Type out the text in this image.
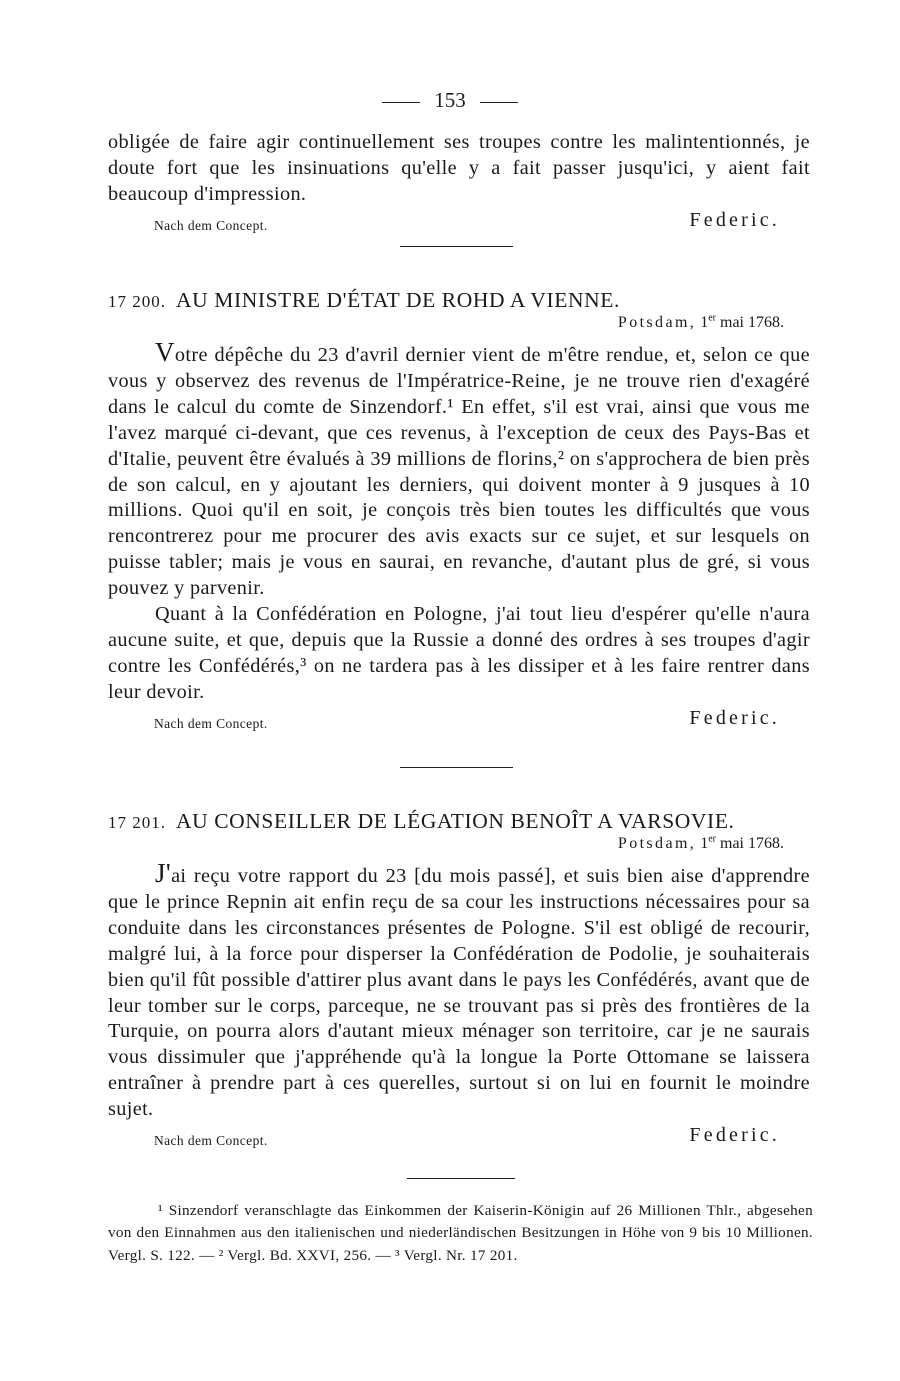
153

obligée de faire agir continuellement ses troupes contre les malintentionnés, je doute fort que les insinuations qu'elle y a fait passer jusqu'ici, y aient fait beaucoup d'impression.

Nach dem Concept.	Federic.
17 200. AU MINISTRE D'ÉTAT DE ROHD A VIENNE.
Potsdam, 1er mai 1768.

Votre dépêche du 23 d'avril dernier vient de m'être rendue, et, selon ce que vous y observez des revenus de l'Impératrice-Reine, je ne trouve rien d'exagéré dans le calcul du comte de Sinzendorf.¹ En effet, s'il est vrai, ainsi que vous me l'avez marqué ci-devant, que ces revenus, à l'exception de ceux des Pays-Bas et d'Italie, peuvent être évalués à 39 millions de florins,² on s'approchera de bien près de son calcul, en y ajoutant les derniers, qui doivent monter à 9 jusques à 10 millions. Quoi qu'il en soit, je conçois très bien toutes les difficultés que vous rencontrerez pour me procurer des avis exacts sur ce sujet, et sur lesquels on puisse tabler; mais je vous en saurai, en revanche, d'autant plus de gré, si vous pouvez y parvenir.

Quant à la Confédération en Pologne, j'ai tout lieu d'espérer qu'elle n'aura aucune suite, et que, depuis que la Russie a donné des ordres à ses troupes d'agir contre les Confédérés,³ on ne tardera pas à les dissiper et à les faire rentrer dans leur devoir.

Nach dem Concept.	Federic.
17 201. AU CONSEILLER DE LÉGATION BENOÎT A VARSOVIE.
Potsdam, 1er mai 1768.

J'ai reçu votre rapport du 23 [du mois passé], et suis bien aise d'apprendre que le prince Repnin ait enfin reçu de sa cour les instructions nécessaires pour sa conduite dans les circonstances présentes de Pologne. S'il est obligé de recourir, malgré lui, à la force pour disperser la Confédération de Podolie, je souhaiterais bien qu'il fût possible d'attirer plus avant dans le pays les Confédérés, avant que de leur tomber sur le corps, parceque, ne se trouvant pas si près des frontières de la Turquie, on pourra alors d'autant mieux ménager son territoire, car je ne saurais vous dissimuler que j'appréhende qu'à la longue la Porte Ottomane se laissera entraîner à prendre part à ces querelles, surtout si on lui en fournit le moindre sujet.

Nach dem Concept.	Federic.

¹ Sinzendorf veranschlagte das Einkommen der Kaiserin-Königin auf 26 Millionen Thlr., abgesehen von den Einnahmen aus den italienischen und niederländischen Besitzungen in Höhe von 9 bis 10 Millionen. Vergl. S. 122. — ² Vergl. Bd. XXVI, 256. — ³ Vergl. Nr. 17 201.
